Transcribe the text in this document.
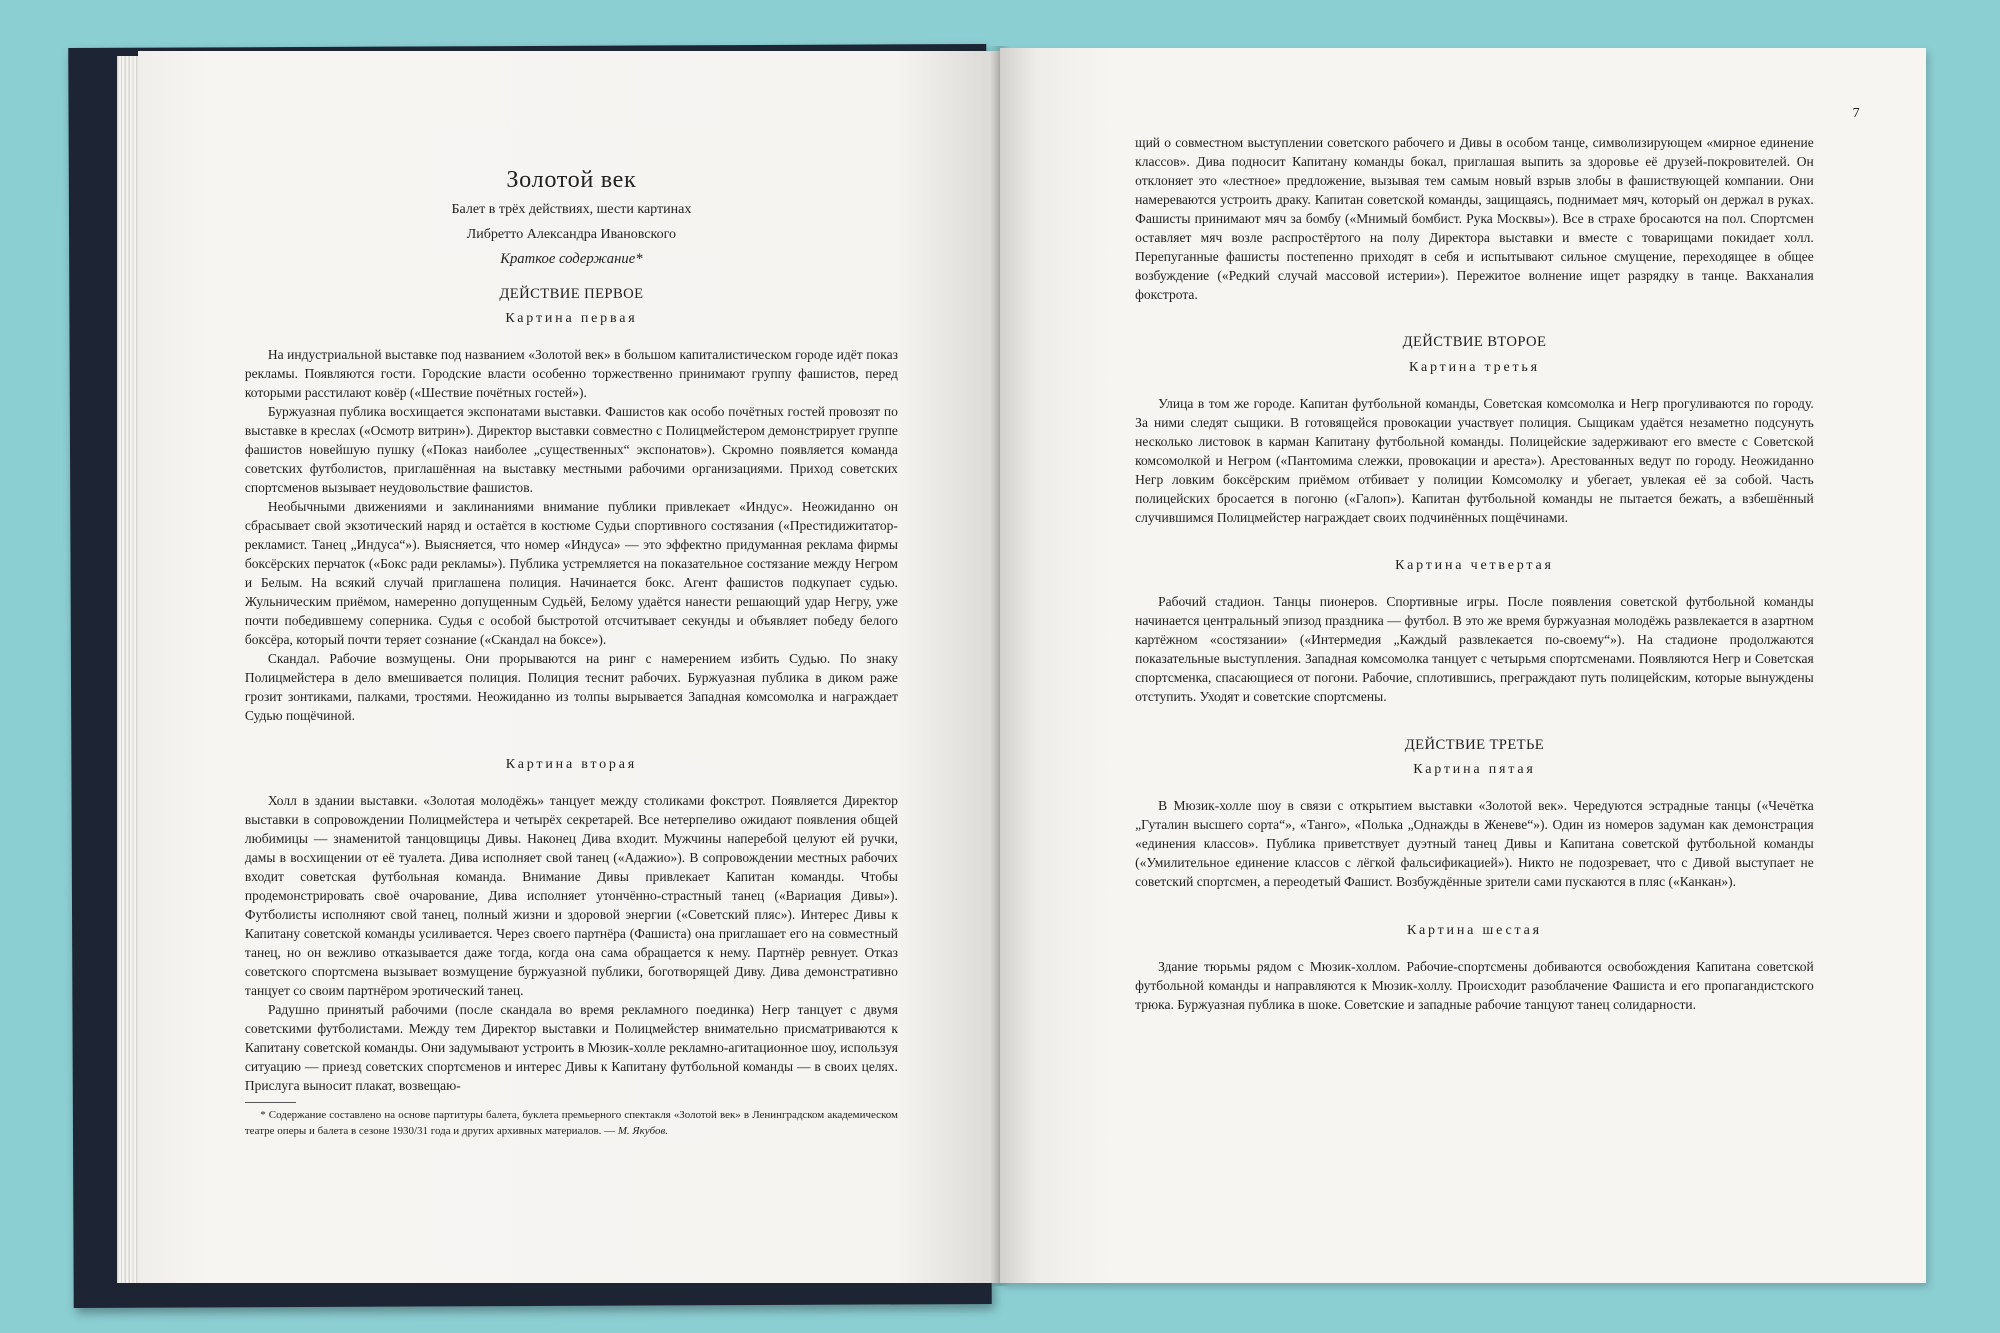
Золотой век
Балет в трёх действиях, шести картинах
Либретто Александра Ивановского
Краткое содержание*
ДЕЙСТВИЕ ПЕРВОЕ
Картина первая

На индустриальной выставке под названием «Золотой век» в большом капиталистическом городе идёт показ рекламы. Появляются гости. Городские власти особенно торжественно принимают группу фашистов, перед которыми расстилают ковёр («Шествие почётных гостей»).

Буржуазная публика восхищается экспонатами выставки. Фашистов как особо почётных гостей провозят по выставке в креслах («Осмотр витрин»). Директор выставки совместно с Полицмейстером демонстрирует группе фашистов новейшую пушку («Показ наиболее „существенных“ экспонатов»). Скромно появляется команда советских футболистов, приглашённая на выставку местными рабочими организациями. Приход советских спортсменов вызывает неудовольствие фашистов.

Необычными движениями и заклинаниями внимание публики привлекает «Индус». Неожиданно он сбрасывает свой экзотический наряд и остаётся в костюме Судьи спортивного состязания («Престидижитатор-рекламист. Танец „Индуса“»). Выясняется, что номер «Индуса» — это эффектно придуманная реклама фирмы боксёрских перчаток («Бокс ради рекламы»). Публика устремляется на показательное состязание между Негром и Белым. На всякий случай приглашена полиция. Начинается бокс. Агент фашистов подкупает судью. Жульническим приёмом, намеренно допущенным Судьёй, Белому удаётся нанести решающий удар Негру, уже почти победившему соперника. Судья с особой быстротой отсчитывает секунды и объявляет победу белого боксёра, который почти теряет сознание («Скандал на боксе»).

Скандал. Рабочие возмущены. Они прорываются на ринг с намерением избить Судью. По знаку Полицмейстера в дело вмешивается полиция. Полиция теснит рабочих. Буржуазная публика в диком раже грозит зонтиками, палками, тростями. Неожиданно из толпы вырывается Западная комсомолка и награждает Судью пощёчиной.

Картина вторая

Холл в здании выставки. «Золотая молодёжь» танцует между столиками фокстрот. Появляется Директор выставки в сопровождении Полицмейстера и четырёх секретарей. Все нетерпеливо ожидают появления общей любимицы — знаменитой танцовщицы Дивы. Наконец Дива входит. Мужчины наперебой целуют ей ручки, дамы в восхищении от её туалета. Дива исполняет свой танец («Адажио»). В сопровождении местных рабочих входит советская футбольная команда. Внимание Дивы привлекает Капитан команды. Чтобы продемонстрировать своё очарование, Дива исполняет утончённо-страстный танец («Вариация Дивы»). Футболисты исполняют свой танец, полный жизни и здоровой энергии («Советский пляс»). Интерес Дивы к Капитану советской команды усиливается. Через своего партнёра (Фашиста) она приглашает его на совместный танец, но он вежливо отказывается даже тогда, когда она сама обращается к нему. Партнёр ревнует. Отказ советского спортсмена вызывает возмущение буржуазной публики, боготворящей Диву. Дива демонстративно танцует со своим партнёром эротический танец.

Радушно принятый рабочими (после скандала во время рекламного поединка) Негр танцует с двумя советскими футболистами. Между тем Директор выставки и Полицмейстер внимательно присматриваются к Капитану советской команды. Они задумывают устроить в Мюзик-холле рекламно-агитационное шоу, используя ситуацию — приезд советских спортсменов и интерес Дивы к Капитану футбольной команды — в своих целях. Прислуга выносит плакат, возвещаю-

* Содержание составлено на основе партитуры балета, буклета премьерного спектакля «Золотой век» в Ленинградском академическом театре оперы и балета в сезоне 1930/31 года и других архивных материалов. — М. Якубов.

7

щий о совместном выступлении советского рабочего и Дивы в особом танце, символизирующем «мирное единение классов». Дива подносит Капитану команды бокал, приглашая выпить за здоровье её друзей-покровителей. Он отклоняет это «лестное» предложение, вызывая тем самым новый взрыв злобы в фашиствующей компании. Они намереваются устроить драку. Капитан советской команды, защищаясь, поднимает мяч, который он держал в руках. Фашисты принимают мяч за бомбу («Мнимый бомбист. Рука Москвы»). Все в страхе бросаются на пол. Спортсмен оставляет мяч возле распростёртого на полу Директора выставки и вместе с товарищами покидает холл. Перепуганные фашисты постепенно приходят в себя и испытывают сильное смущение, переходящее в общее возбуждение («Редкий случай массовой истерии»). Пережитое волнение ищет разрядку в танце. Вакханалия фокстрота.

ДЕЙСТВИЕ ВТОРОЕ
Картина третья

Улица в том же городе. Капитан футбольной команды, Советская комсомолка и Негр прогуливаются по городу. За ними следят сыщики. В готовящейся провокации участвует полиция. Сыщикам удаётся незаметно подсунуть несколько листовок в карман Капитану футбольной команды. Полицейские задерживают его вместе с Советской комсомолкой и Негром («Пантомима слежки, провокации и ареста»). Арестованных ведут по городу. Неожиданно Негр ловким боксёрским приёмом отбивает у полиции Комсомолку и убегает, увлекая её за собой. Часть полицейских бросается в погоню («Галоп»). Капитан футбольной команды не пытается бежать, а взбешённый случившимся Полицмейстер награждает своих подчинённых пощёчинами.

Картина четвертая

Рабочий стадион. Танцы пионеров. Спортивные игры. После появления советской футбольной команды начинается центральный эпизод праздника — футбол. В это же время буржуазная молодёжь развлекается в азартном картёжном «состязании» («Интермедия „Каждый развлекается по-своему“»). На стадионе продолжаются показательные выступления. Западная комсомолка танцует с четырьмя спортсменами. Появляются Негр и Советская спортсменка, спасающиеся от погони. Рабочие, сплотившись, преграждают путь полицейским, которые вынуждены отступить. Уходят и советские спортсмены.

ДЕЙСТВИЕ ТРЕТЬЕ
Картина пятая

В Мюзик-холле шоу в связи с открытием выставки «Золотой век». Чередуются эстрадные танцы («Чечётка „Гуталин высшего сорта“», «Танго», «Полька „Однажды в Женеве“»). Один из номеров задуман как демонстрация «единения классов». Публика приветствует дуэтный танец Дивы и Капитана советской футбольной команды («Умилительное единение классов с лёгкой фальсификацией»). Никто не подозревает, что с Дивой выступает не советский спортсмен, а переодетый Фашист. Возбуждённые зрители сами пускаются в пляс («Канкан»).

Картина шестая

Здание тюрьмы рядом с Мюзик-холлом. Рабочие-спортсмены добиваются освобождения Капитана советской футбольной команды и направляются к Мюзик-холлу. Происходит разоблачение Фашиста и его пропагандистского трюка. Буржуазная публика в шоке. Советские и западные рабочие танцуют танец солидарности.
